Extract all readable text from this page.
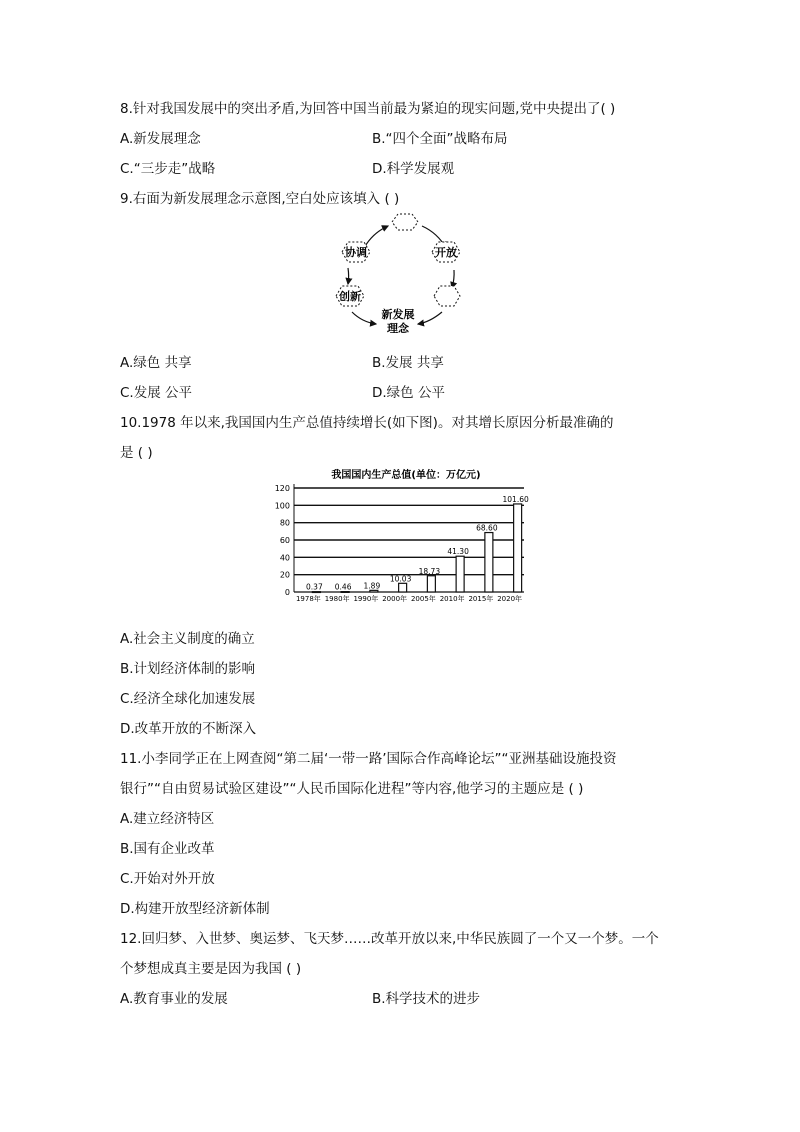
8.针对我国发展中的突出矛盾,为回答中国当前最为紧迫的现实问题,党中央提出了( )
A.新发展理念	B.“四个全面”战略布局
C.“三步走”战略	D.科学发展观
9.右面为新发展理念示意图,空白处应该填入 ( )
协调	开放
创新
新发展
理念
A.绿色 共享	B.发展 共享
C.发展 公平	D.绿色 公平
10.1978 年以来,我国国内生产总值持续增长(如下图)。对其增长原因分析最准确的
是 ( )
我国国内生产总值(单位：万亿元)
0
20
40
60
80
100
120
0.37
1978年
0.46
1980年
1.89
1990年
10.03
2000年
18.73
2005年
41.30
2010年
68.60
2015年
101.60
2020年
A.社会主义制度的确立
B.计划经济体制的影响
C.经济全球化加速发展
D.改革开放的不断深入
11.小李同学正在上网查阅“第二届‘一带一路’国际合作高峰论坛”“亚洲基础设施投资
银行”“自由贸易试验区建设”“人民币国际化进程”等内容,他学习的主题应是 ( )
A.建立经济特区
B.国有企业改革
C.开始对外开放
D.构建开放型经济新体制
12.回归梦、入世梦、奥运梦、飞天梦……改革开放以来,中华民族圆了一个又一个梦。一个
个梦想成真主要是因为我国 ( )
A.教育事业的发展	B.科学技术的进步
